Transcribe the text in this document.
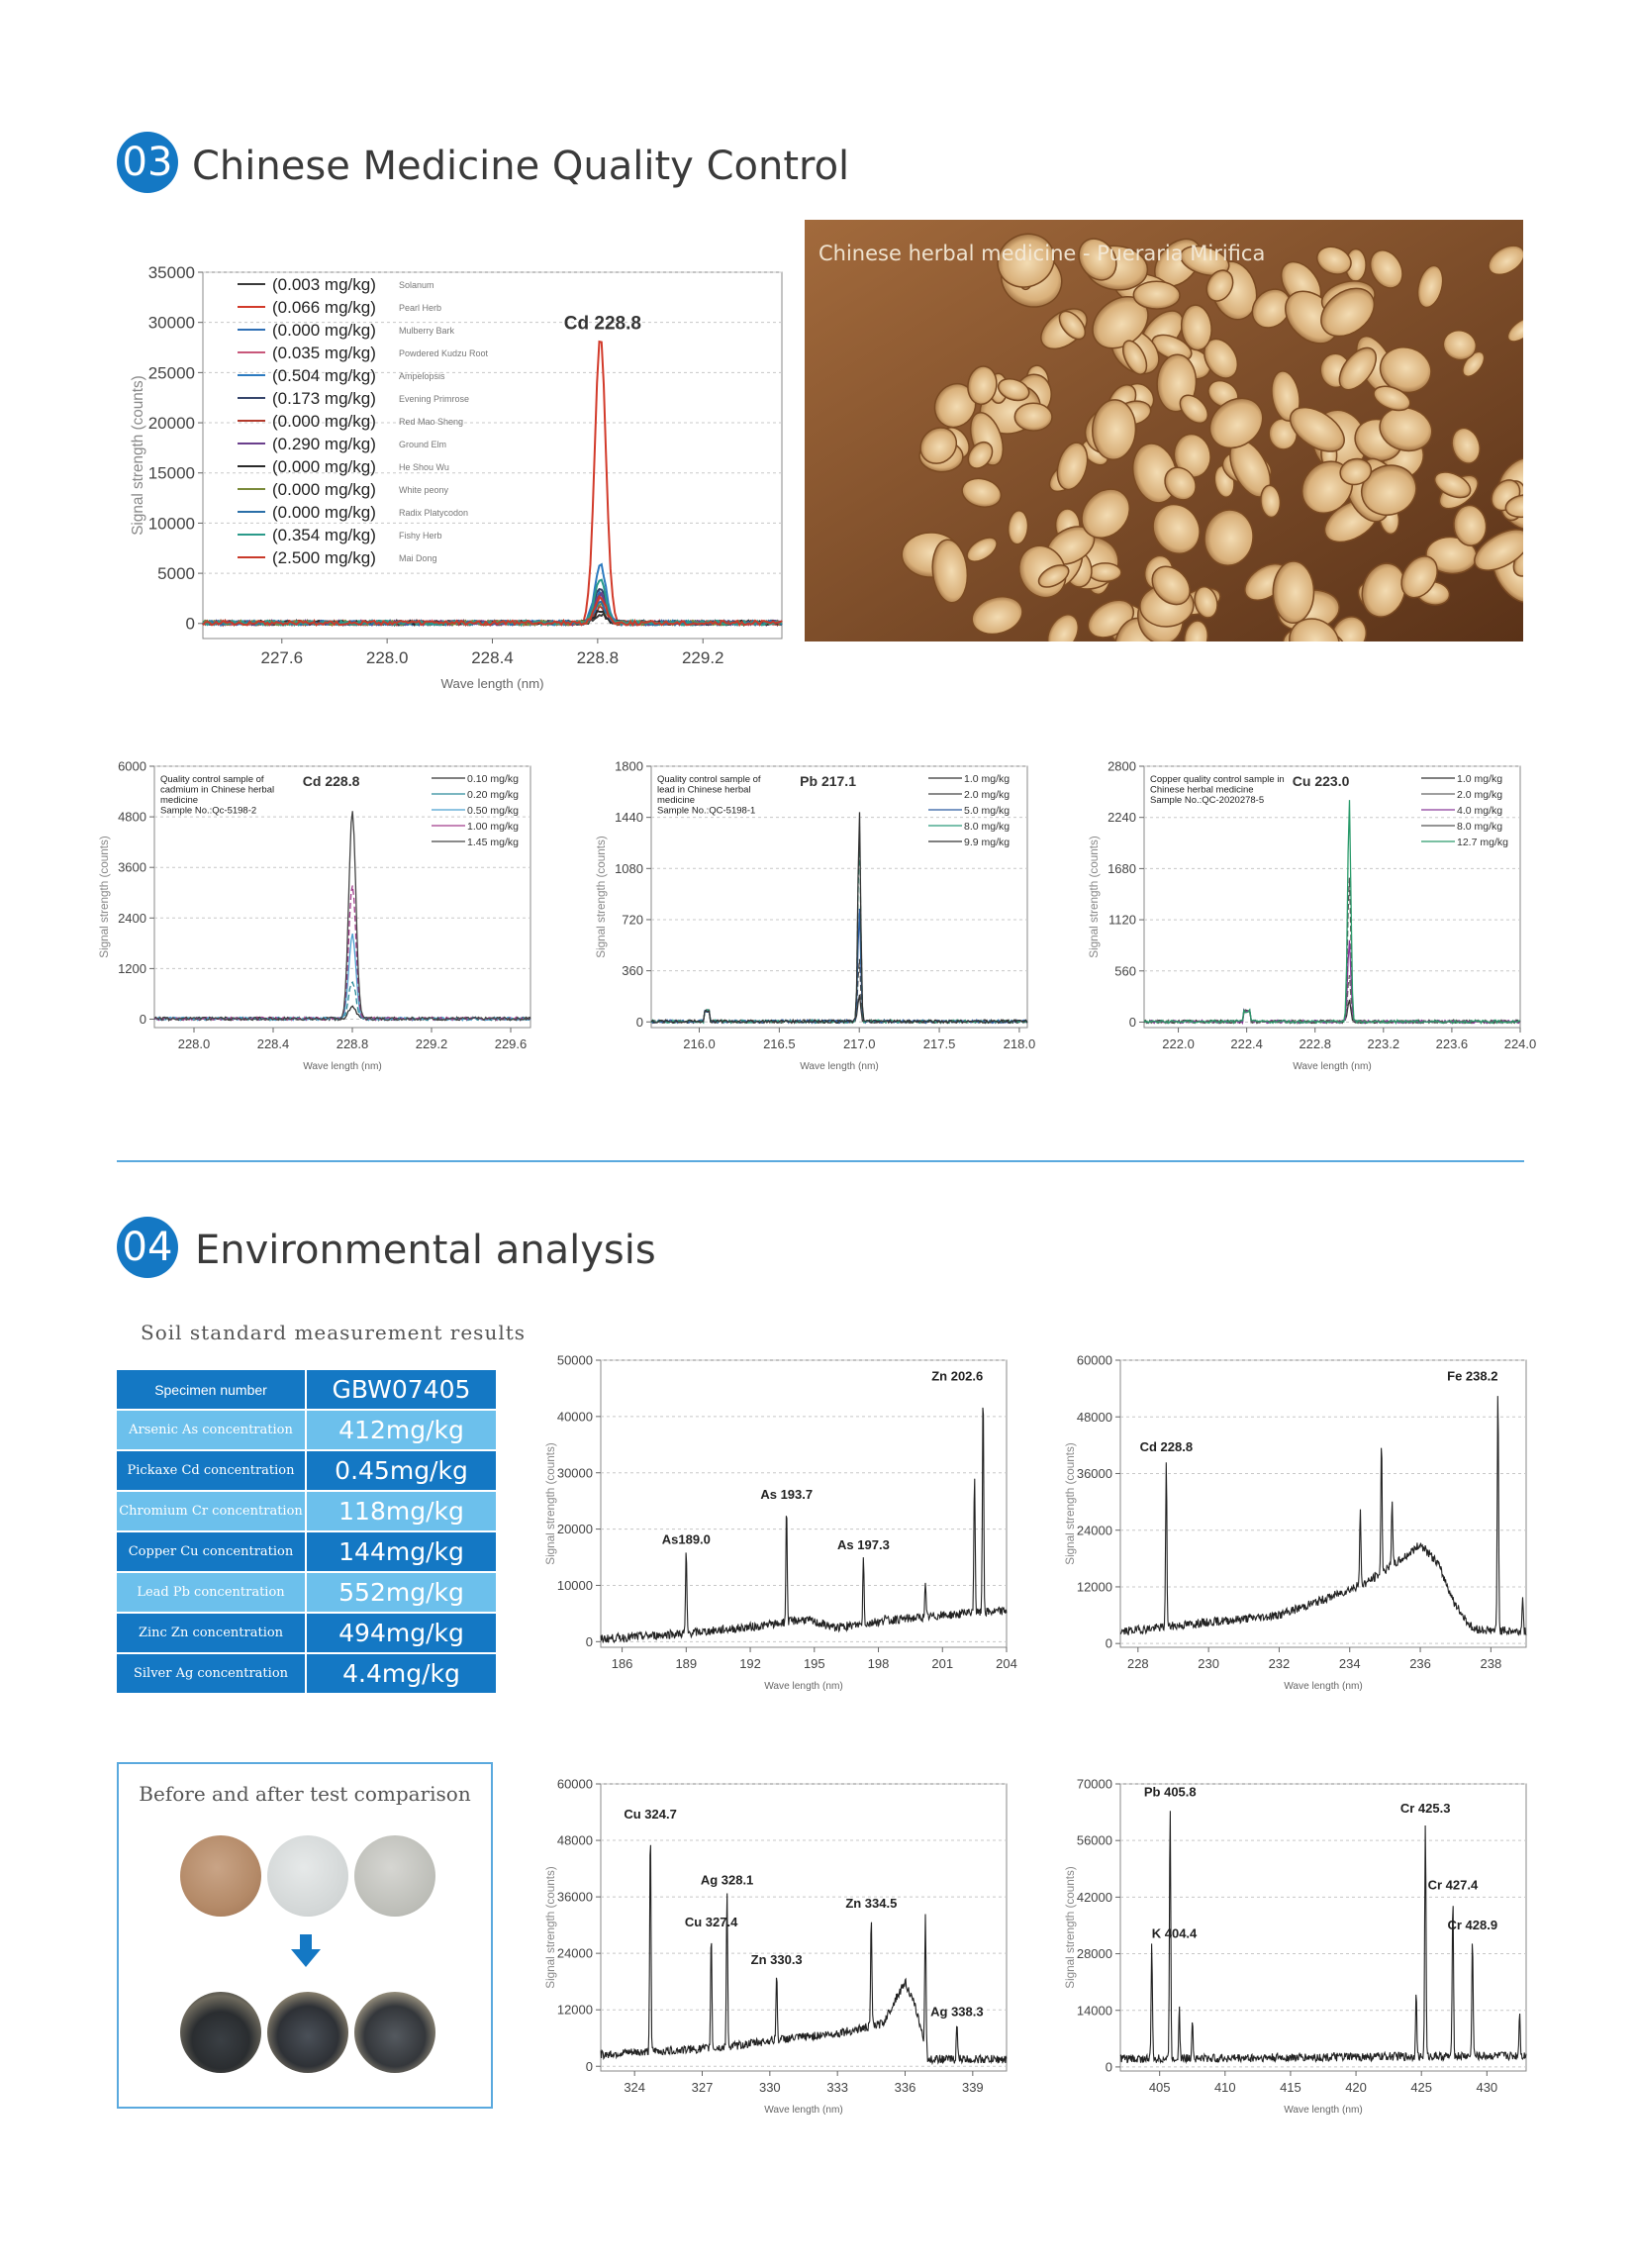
03 Chinese Medicine Quality Control
35000
30000
25000
20000
15000
10000
5000
0
227.6	228.0	228.4	228.8	229.2
Wave length (nm)
Signal strength (counts)
Cd 228.8
(0.003 mg/kg)	Solanum
(0.066 mg/kg)	Pearl Herb
(0.000 mg/kg)	Mulberry Bark
(0.035 mg/kg)	Powdered Kudzu Root
(0.504 mg/kg)	Ampelopsis
(0.173 mg/kg)	Evening Primrose
(0.000 mg/kg)	Red Mao Sheng
(0.290 mg/kg)	Ground Elm
(0.000 mg/kg)	He Shou Wu
(0.000 mg/kg)	White peony
(0.000 mg/kg)	Radix Platycodon
(0.354 mg/kg)	Fishy Herb
(2.500 mg/kg)	Mai Dong
Chinese herbal medicine - Pueraria Mirifica
6000
4800
3600
2400
1200
0
228.0	228.4	228.8	229.2	229.6
Wave length (nm)
Signal strength (counts)
Quality control sample of
cadmium in Chinese herbal
medicine
Sample No.:Qc-5198-2
Cd 228.8	0.10 mg/kg
0.20 mg/kg
0.50 mg/kg
1.00 mg/kg
1.45 mg/kg
1800
1440
1080
720
360
0
216.0	216.5	217.0	217.5	218.0
Wave length (nm)
Signal strength (counts)
Quality control sample of
lead in Chinese herbal
medicine
Sample No.:QC-5198-1
Pb 217.1	1.0 mg/kg
2.0 mg/kg
5.0 mg/kg
8.0 mg/kg
9.9 mg/kg
2800
2240
1680
1120
560
0
222.0	222.4	222.8	223.2	223.6	224.0
Wave length (nm)
Signal strength (counts)
Copper quality control sample in
Chinese herbal medicine
Sample No.:QC-2020278-5
Cu 223.0	1.0 mg/kg
2.0 mg/kg
4.0 mg/kg
8.0 mg/kg
12.7 mg/kg
04 Environmental analysis
Soil standard measurement results
Specimen number	GBW07405
Arsenic As concentration	412mg/kg
Pickaxe Cd concentration	0.45mg/kg
Chromium Cr concentration	118mg/kg
Copper Cu concentration	144mg/kg
Lead Pb concentration	552mg/kg
Zinc Zn concentration	494mg/kg
Silver Ag concentration	4.4mg/kg
Before and after test comparison
50000
40000
30000
20000
10000
0
186	189	192	195	198	201	204
Wave length (nm)
Signal strength (counts)	As189.0
As 193.7
As 197.3
Zn 202.6
60000
48000
36000
24000
12000
0
228	230	232	234	236	238
Wave length (nm)
Signal strength (counts)	Cd 228.8
Fe 238.2
60000
48000
36000
24000
12000
0
324	327	330	333	336	339
Wave length (nm)
Signal strength (counts)
Cu 324.7
Cu 327.4
Ag 328.1
Zn 330.3
Zn 334.5
Ag 338.3
70000
56000
42000
28000
14000
0
405	410	415	420	425	430
Wave length (nm)
Signal strength (counts)	K 404.4
Pb 405.8
Cr 425.3
Cr 427.4
Cr 428.9
